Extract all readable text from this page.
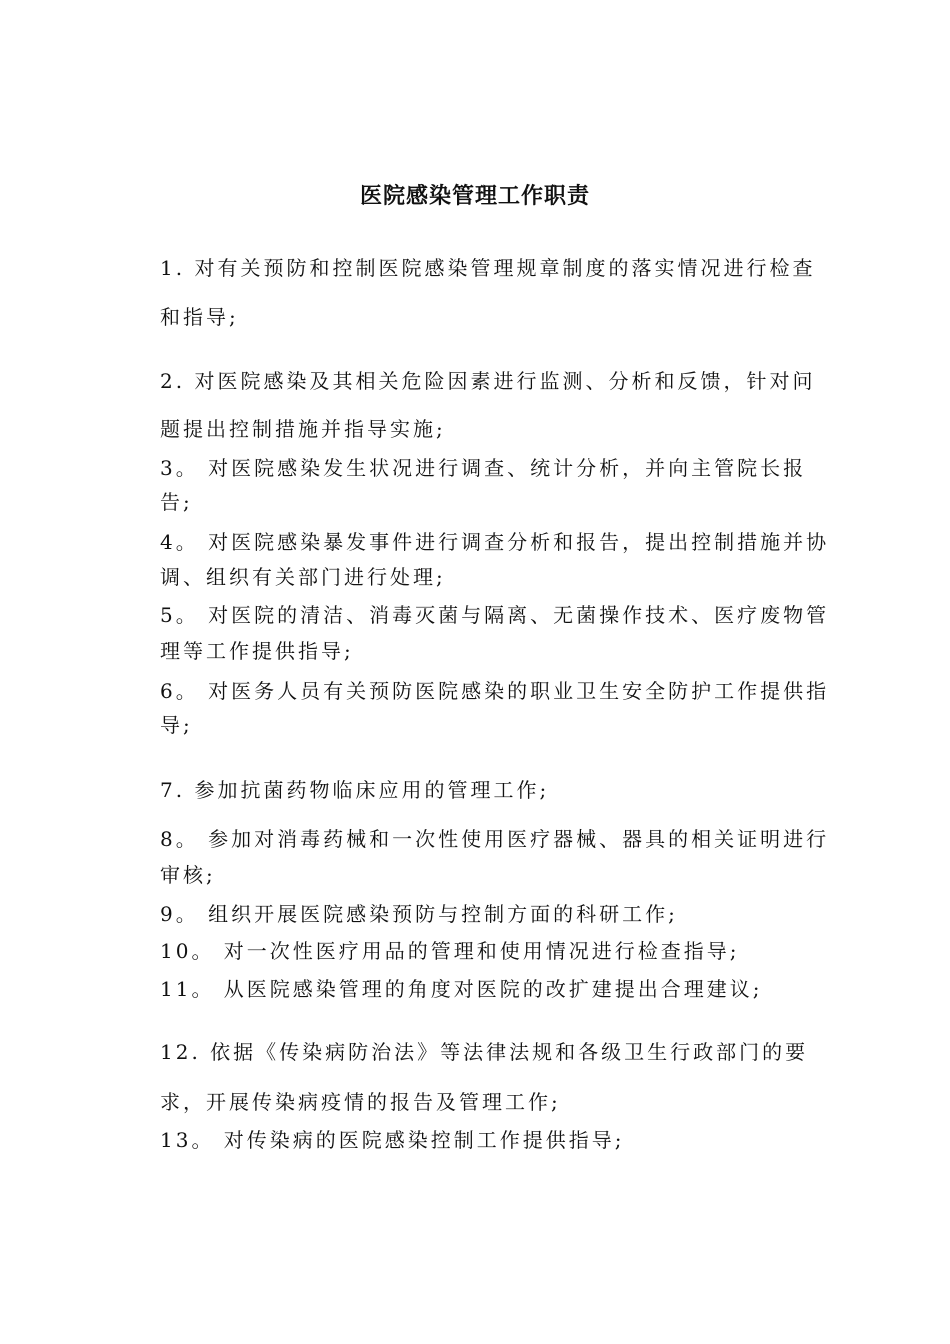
医院感染管理工作职责
1. 对有关预防和控制医院感染管理规章制度的落实情况进行检查
和指导;
2. 对医院感染及其相关危险因素进行监测、分析和反馈，针对问
题提出控制措施并指导实施;
3。 对医院感染发生状况进行调查、统计分析，并向主管院长报
告;
4。 对医院感染暴发事件进行调查分析和报告，提出控制措施并协
调、组织有关部门进行处理;
5。 对医院的清洁、消毒灭菌与隔离、无菌操作技术、医疗废物管
理等工作提供指导;
6。 对医务人员有关预防医院感染的职业卫生安全防护工作提供指
导;
7. 参加抗菌药物临床应用的管理工作;
8。 参加对消毒药械和一次性使用医疗器械、器具的相关证明进行
审核;
9。 组织开展医院感染预防与控制方面的科研工作;
10。 对一次性医疗用品的管理和使用情况进行检查指导;
11。 从医院感染管理的角度对医院的改扩建提出合理建议;
12. 依据《传染病防治法》等法律法规和各级卫生行政部门的要
求，开展传染病疫情的报告及管理工作;
13。 对传染病的医院感染控制工作提供指导;
